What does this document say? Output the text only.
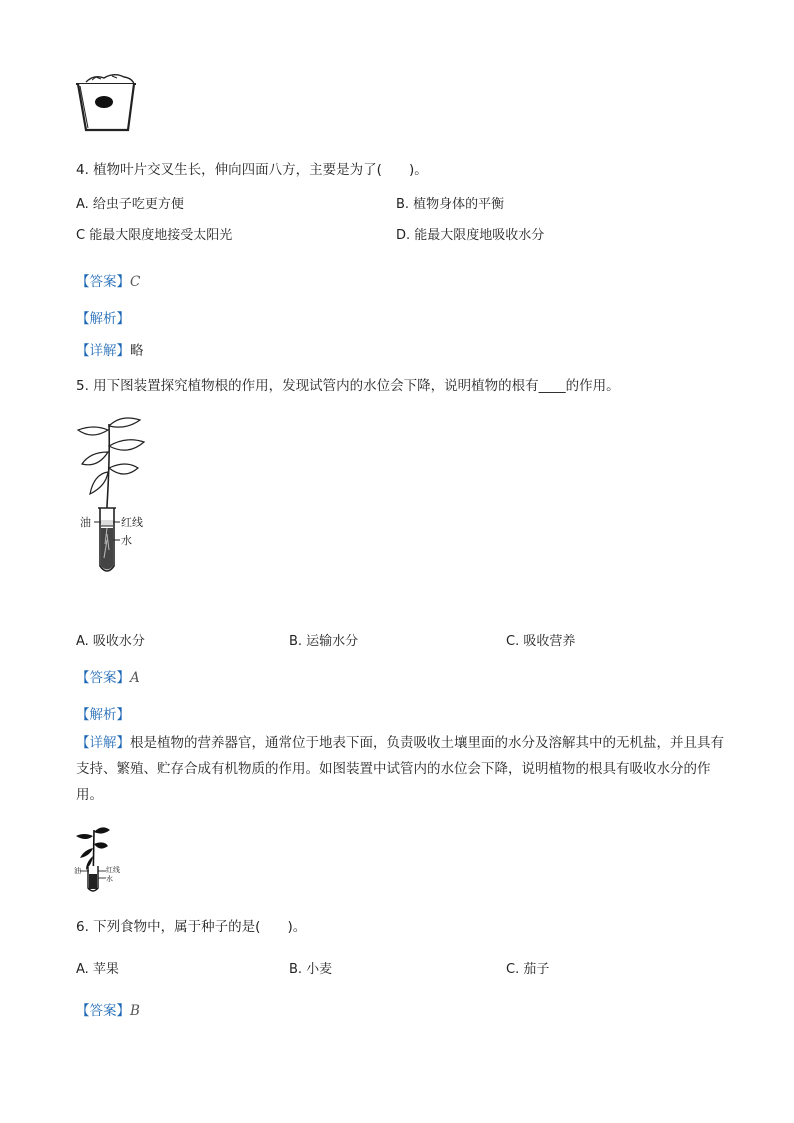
4. 植物叶片交叉生长，伸向四面八方，主要是为了(　　)。
A. 给虫子吃更方便	B. 植物身体的平衡
C 能最大限度地接受太阳光	D. 能最大限度地吸收水分
【答案】C
【解析】
【详解】略
5. 用下图装置探究植物根的作用，发现试管内的水位会下降，说明植物的根有____的作用。
油	红线
水
A. 吸收水分	B. 运输水分	C. 吸收营养
【答案】A
【解析】
【详解】根是植物的营养器官，通常位于地表下面，负责吸收土壤里面的水分及溶解其中的无机盐，并且具有支持、繁殖、贮存合成有机物质的作用。如图装置中试管内的水位会下降，说明植物的根具有吸收水分的作用。
油	红线
水
6. 下列食物中，属于种子的是(　　)。
A. 苹果	B. 小麦	C. 茄子
【答案】B
